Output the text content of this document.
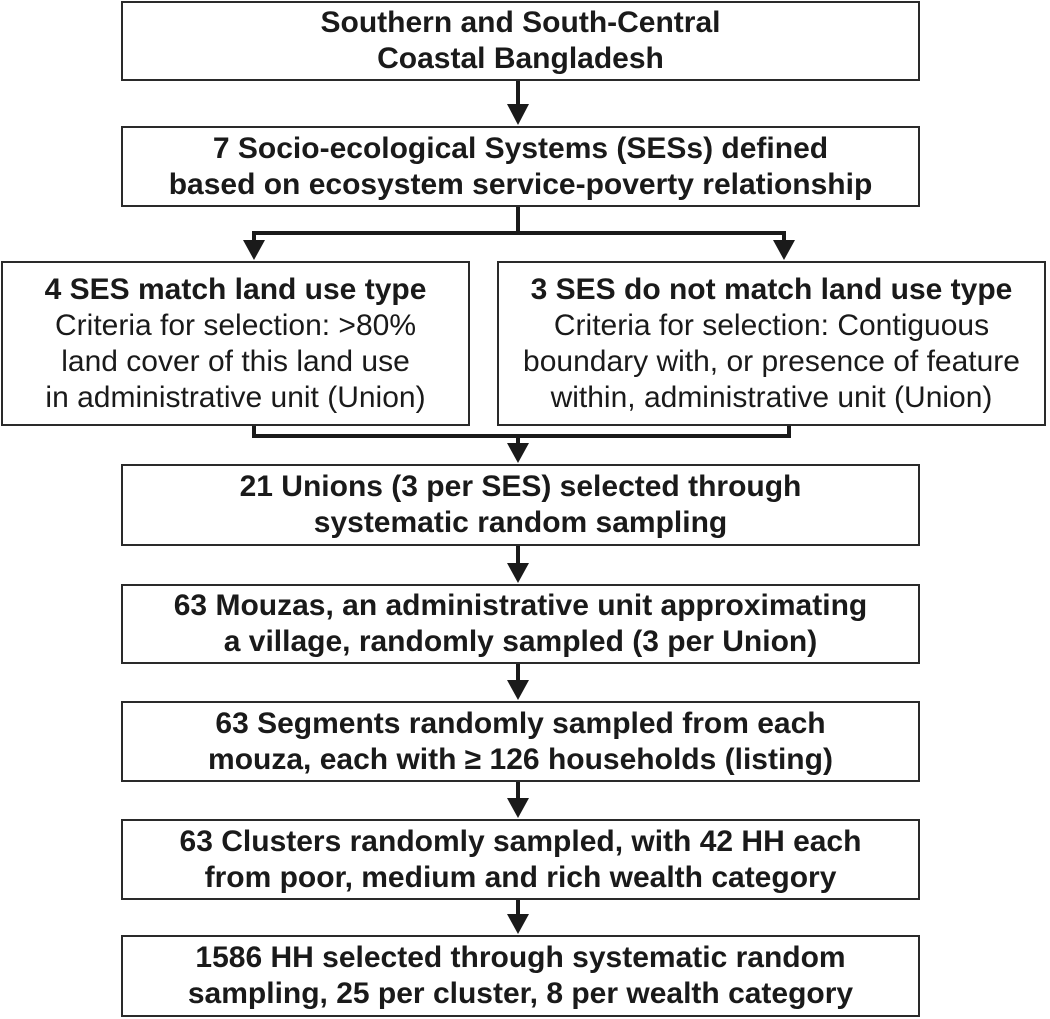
Southern and South-Central
Coastal Bangladesh
7 Socio-ecological Systems (SESs) defined
based on ecosystem service-poverty relationship
4 SES match land use type
Criteria for selection: >80%
land cover of this land use
in administrative unit (Union)
3 SES do not match land use type
Criteria for selection: Contiguous
boundary with, or presence of feature
within, administrative unit (Union)
21 Unions (3 per SES) selected through
systematic random sampling
63 Mouzas, an administrative unit approximating
a village, randomly sampled (3 per Union)
63 Segments randomly sampled from each
mouza, each with ≥ 126 households (listing)
63 Clusters randomly sampled, with 42 HH each
from poor, medium and rich wealth category
1586 HH selected through systematic random
sampling, 25 per cluster, 8 per wealth category
